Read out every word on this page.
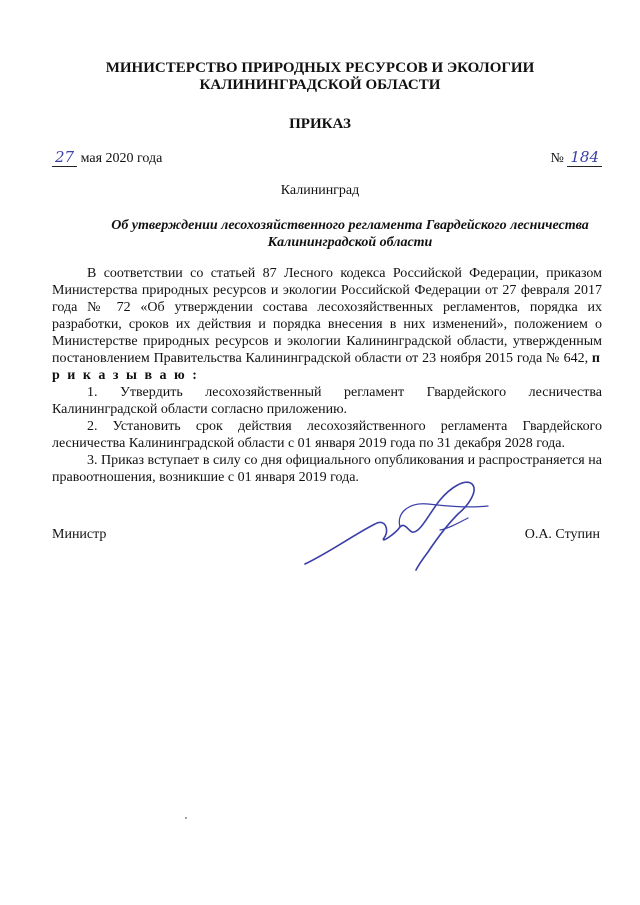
МИНИСТЕРСТВО ПРИРОДНЫХ РЕСУРСОВ И ЭКОЛОГИИ
КАЛИНИНГРАДСКОЙ ОБЛАСТИ
ПРИКАЗ
27 мая 2020 года	№ 184
Калининград
Об утверждении лесохозяйственного регламента Гвардейского лесничества
Калининградской области

В соответствии со статьей 87 Лесного кодекса Российской Федерации, приказом Министерства природных ресурсов и экологии Российской Федерации от 27 февраля 2017 года № 72 «Об утверждении состава лесохозяйственных регламентов, порядка их разработки, сроков их действия и порядка внесения в них изменений», положением о Министерстве природных ресурсов и экологии Калининградской области, утвержденным постановлением Правительства Калининградской области от 23 ноября 2015 года № 642, п р и к а з ы в а ю :

1. Утвердить лесохозяйственный регламент Гвардейского лесничества Калининградской области согласно приложению.

2. Установить срок действия лесохозяйственного регламента Гвардейского лесничества Калининградской области с 01 января 2019 года по 31 декабря 2028 года.

3. Приказ вступает в силу со дня официального опубликования и распространяется на правоотношения, возникшие с 01 января 2019 года.

Министр	О.А. Ступин
